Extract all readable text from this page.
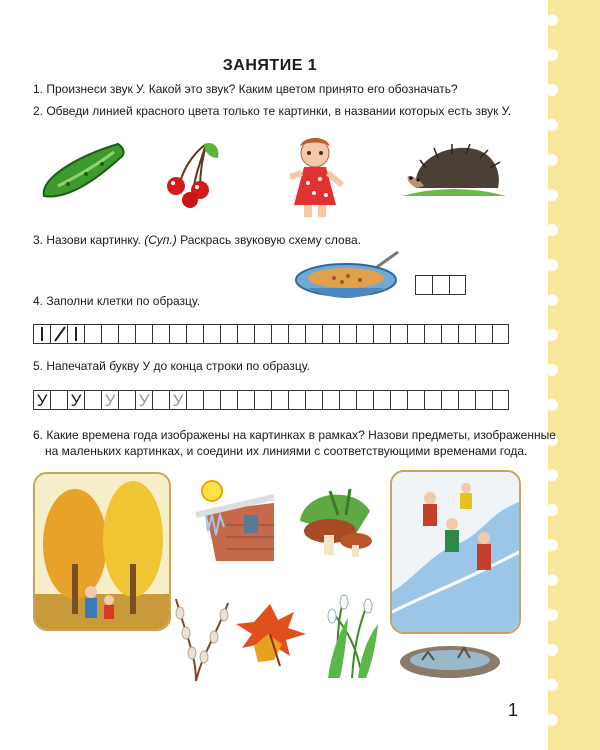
ЗАНЯТИЕ 1
1. Произнеси звук У. Какой это звук? Каким цветом принято его обозначать?
2. Обведи линией красного цвета только те картинки, в названии которых есть звук У.
3. Назови картинку. (Суп.) Раскрась звуковую схему слова.
4. Заполни клетки по образцу.
5. Напечатай букву У до конца строки по образцу.
У У У У У
6. Какие времена года изображены на картинках в рамках? Назови предметы, изображенные
на маленьких картинках, и соедини их линиями с соответствующими временами года.
1
